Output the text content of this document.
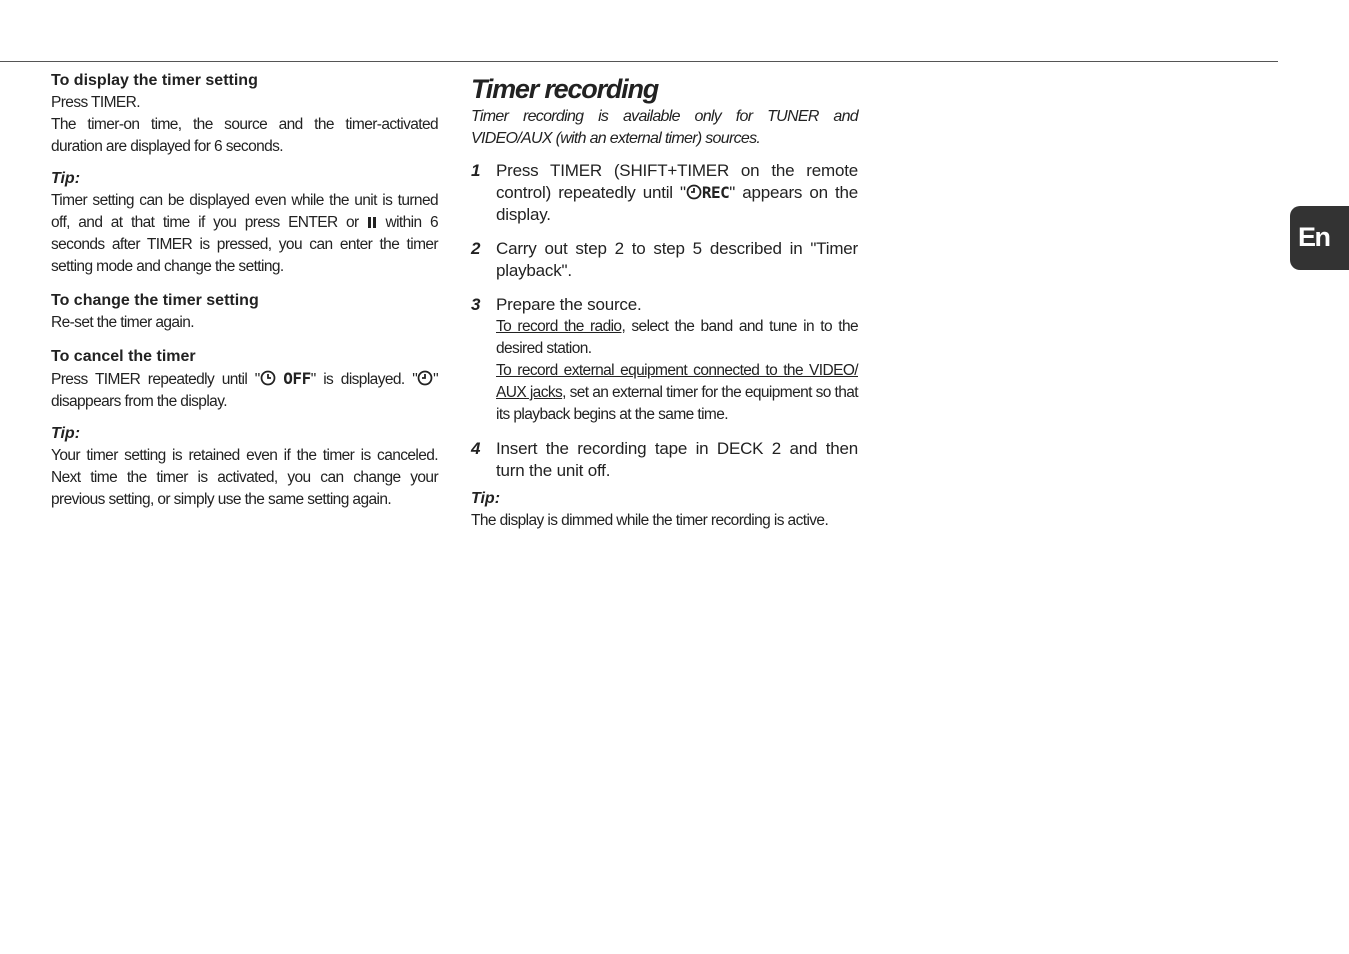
To display the timer setting

Press TIMER.

The timer-on time, the source and the timer-activated duration are displayed for 6 seconds.

Tip:

Timer setting can be displayed even while the unit is turned off, and at that time if you press ENTER or within 6 seconds after TIMER is pressed, you can enter the timer setting mode and change the setting.

To change the timer setting

Re-set the timer again.

To cancel the timer

Press TIMER repeatedly until " OFF" is displayed. " " disappears from the display.

Tip:

Your timer setting is retained even if the timer is canceled. Next time the timer is activated, you can change your previous setting, or simply use the same setting again.

Timer recording

Timer recording is available only for TUNER and VIDEO/AUX (with an external timer) sources.

1 Press TIMER (SHIFT+TIMER on the remote control) repeatedly until " REC" appears on the display.

2 Carry out step 2 to step 5 described in "Timer playback".

3 Prepare the source.

To record the radio, select the band and tune in to the desired station.

To record external equipment connected to the VIDEO/ AUX jacks, set an external timer for the equipment so that its playback begins at the same time.

4 Insert the recording tape in DECK 2 and then turn the unit off.

Tip:

The display is dimmed while the timer recording is active.

En
